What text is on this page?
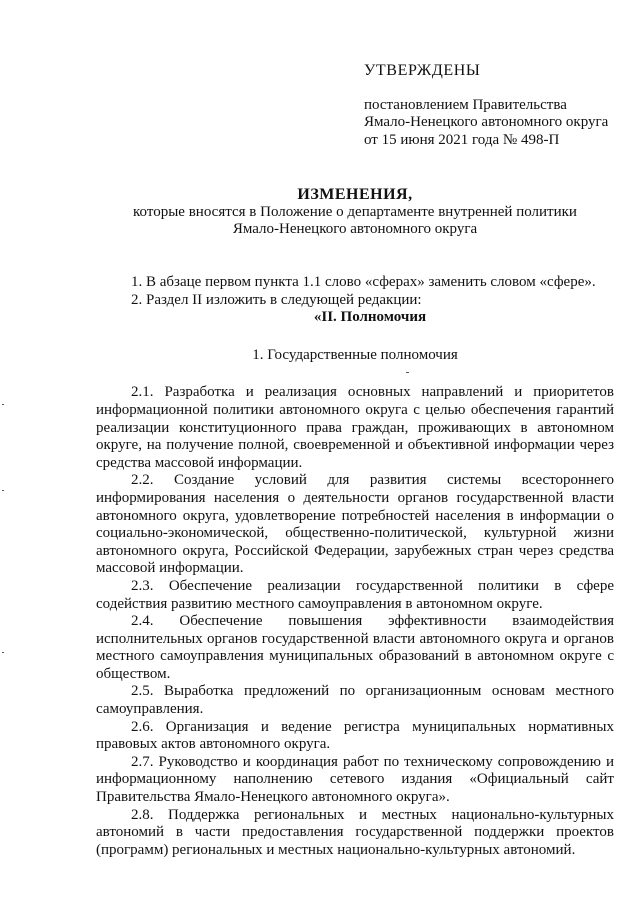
УТВЕРЖДЕНЫ
постановлением Правительства
Ямало-Ненецкого автономного округа
от 15 июня 2021 года № 498-П
ИЗМЕНЕНИЯ,
которые вносятся в Положение о департаменте внутренней политики
Ямало-Ненецкого автономного округа

1. В абзаце первом пункта 1.1 слово «сферах» заменить словом «сфере».

2. Раздел II изложить в следующей редакции:

«II. Полномочия

1. Государственные полномочия

2.1. Разработка и реализация основных направлений и приоритетов информационной политики автономного округа с целью обеспечения гарантий реализации конституционного права граждан, проживающих в автономном округе, на получение полной, своевременной и объективной информации через средства массовой информации.

2.2. Создание условий для развития системы всестороннего информирования населения о деятельности органов государственной власти автономного округа, удовлетворение потребностей населения в информации о социально-экономической, общественно-политической, культурной жизни автономного округа, Российской Федерации, зарубежных стран через средства массовой информации.

2.3. Обеспечение реализации государственной политики в сфере содействия развитию местного самоуправления в автономном округе.

2.4. Обеспечение повышения эффективности взаимодействия исполнительных органов государственной власти автономного округа и органов местного самоуправления муниципальных образований в автономном округе с обществом.

2.5. Выработка предложений по организационным основам местного самоуправления.

2.6. Организация и ведение регистра муниципальных нормативных правовых актов автономного округа.

2.7. Руководство и координация работ по техническому сопровождению и информационному наполнению сетевого издания «Официальный сайт Правительства Ямало-Ненецкого автономного округа».

2.8. Поддержка региональных и местных национально-культурных автономий в части предоставления государственной поддержки проектов (программ) региональных и местных национально-культурных автономий.
